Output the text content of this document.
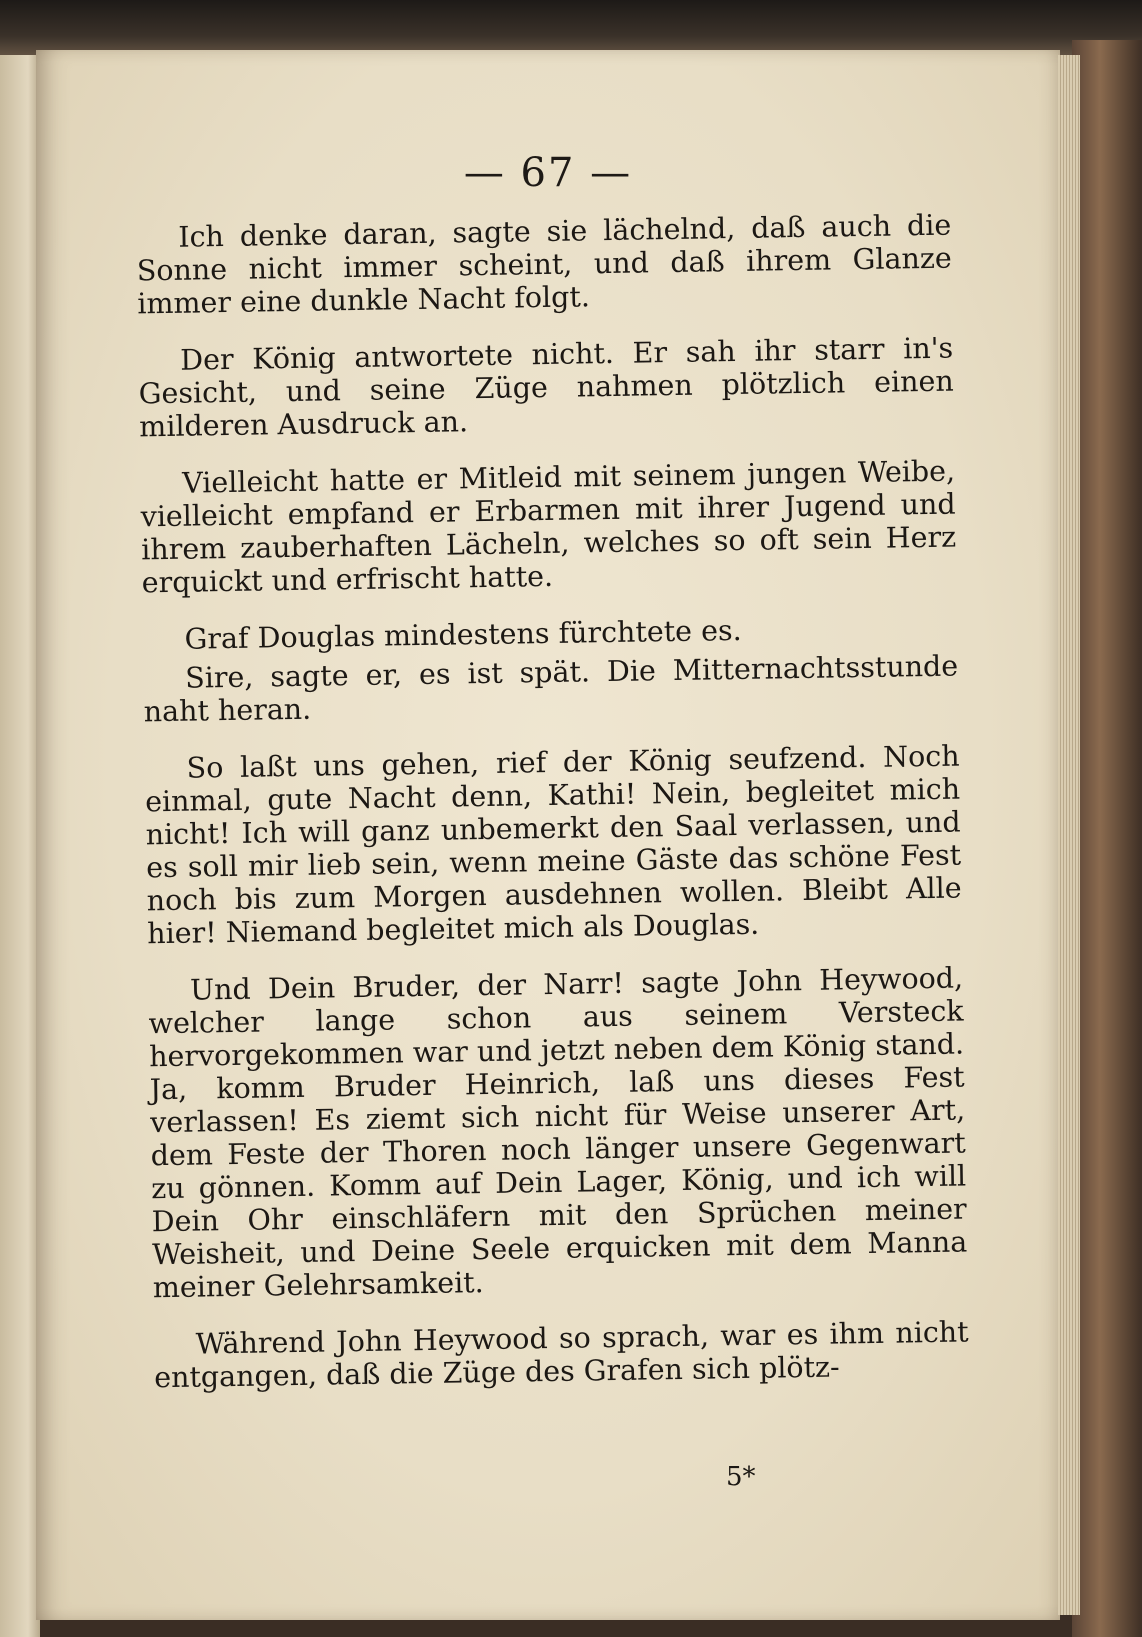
— 67 —

Ich denke daran, sagte sie lächelnd, daß auch die Sonne nicht immer scheint, und daß ihrem Glanze immer eine dunkle Nacht folgt.

Der König antwortete nicht. Er sah ihr starr in's Gesicht, und seine Züge nahmen plötzlich einen milderen Ausdruck an.

Vielleicht hatte er Mitleid mit seinem jungen Weibe, vielleicht empfand er Erbarmen mit ihrer Jugend und ihrem zauberhaften Lächeln, welches so oft sein Herz erquickt und erfrischt hatte.

Graf Douglas mindestens fürchtete es.

Sire, sagte er, es ist spät. Die Mitternachtsstunde naht heran.

So laßt uns gehen, rief der König seufzend. Noch einmal, gute Nacht denn, Kathi! Nein, begleitet mich nicht! Ich will ganz unbemerkt den Saal verlassen, und es soll mir lieb sein, wenn meine Gäste das schöne Fest noch bis zum Morgen ausdehnen wollen. Bleibt Alle hier! Niemand begleitet mich als Douglas.

Und Dein Bruder, der Narr! sagte John Heywood, welcher lange schon aus seinem Versteck hervorgekommen war und jetzt neben dem König stand. Ja, komm Bruder Heinrich, laß uns dieses Fest verlassen! Es ziemt sich nicht für Weise unserer Art, dem Feste der Thoren noch länger unsere Gegenwart zu gönnen. Komm auf Dein Lager, König, und ich will Dein Ohr einschläfern mit den Sprüchen meiner Weisheit, und Deine Seele erquicken mit dem Manna meiner Gelehrsamkeit.

Während John Heywood so sprach, war es ihm nicht entgangen, daß die Züge des Grafen sich plötz-

5*
